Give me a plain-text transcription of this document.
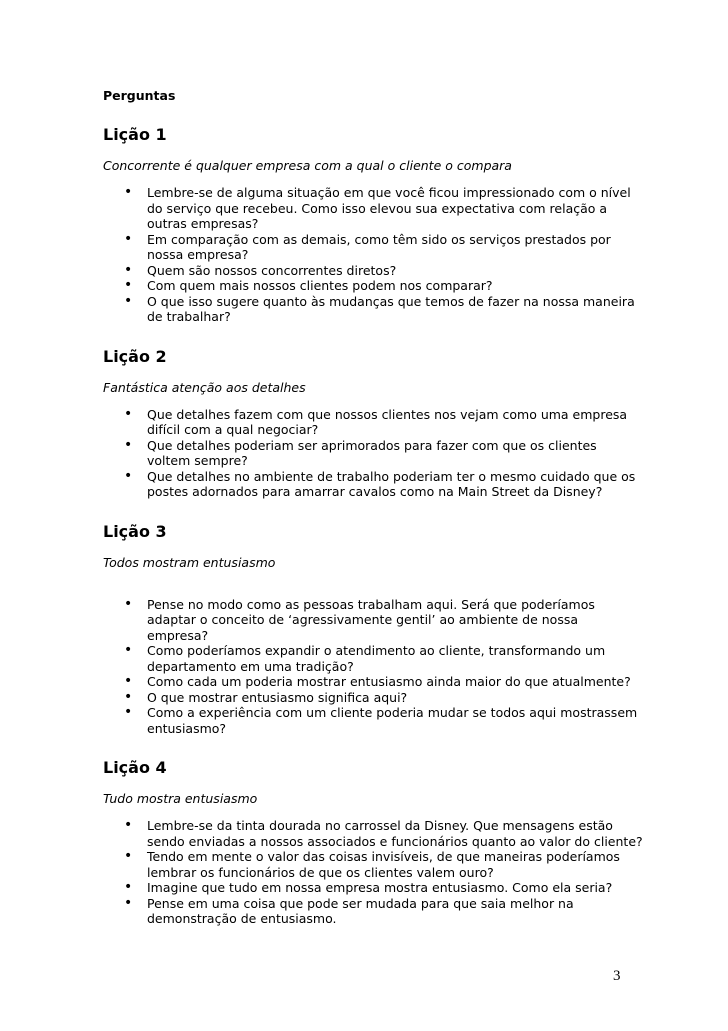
Perguntas
Lição 1
Concorrente é qualquer empresa com a qual o cliente o compara
• Lembre-se de alguma situação em que você ficou impressionado com o nível do serviço que recebeu. Como isso elevou sua expectativa com relação a outras empresas?
• Em comparação com as demais, como têm sido os serviços prestados por nossa empresa?
• Quem são nossos concorrentes diretos?
• Com quem mais nossos clientes podem nos comparar?
• O que isso sugere quanto às mudanças que temos de fazer na nossa maneira de trabalhar?
Lição 2
Fantástica atenção aos detalhes
• Que detalhes fazem com que nossos clientes nos vejam como uma empresa difícil com a qual negociar?
• Que detalhes poderiam ser aprimorados para fazer com que os clientes voltem sempre?
• Que detalhes no ambiente de trabalho poderiam ter o mesmo cuidado que os postes adornados para amarrar cavalos como na Main Street da Disney?
Lição 3
Todos mostram entusiasmo
• Pense no modo como as pessoas trabalham aqui. Será que poderíamos adaptar o conceito de ‘agressivamente gentil’ ao ambiente de nossa empresa?
• Como poderíamos expandir o atendimento ao cliente, transformando um departamento em uma tradição?
• Como cada um poderia mostrar entusiasmo ainda maior do que atualmente?
• O que mostrar entusiasmo significa aqui?
• Como a experiência com um cliente poderia mudar se todos aqui mostrassem entusiasmo?
Lição 4
Tudo mostra entusiasmo
• Lembre-se da tinta dourada no carrossel da Disney. Que mensagens estão sendo enviadas a nossos associados e funcionários quanto ao valor do cliente?
• Tendo em mente o valor das coisas invisíveis, de que maneiras poderíamos lembrar os funcionários de que os clientes valem ouro?
• Imagine que tudo em nossa empresa mostra entusiasmo. Como ela seria?
• Pense em uma coisa que pode ser mudada para que saia melhor na demonstração de entusiasmo.
3
